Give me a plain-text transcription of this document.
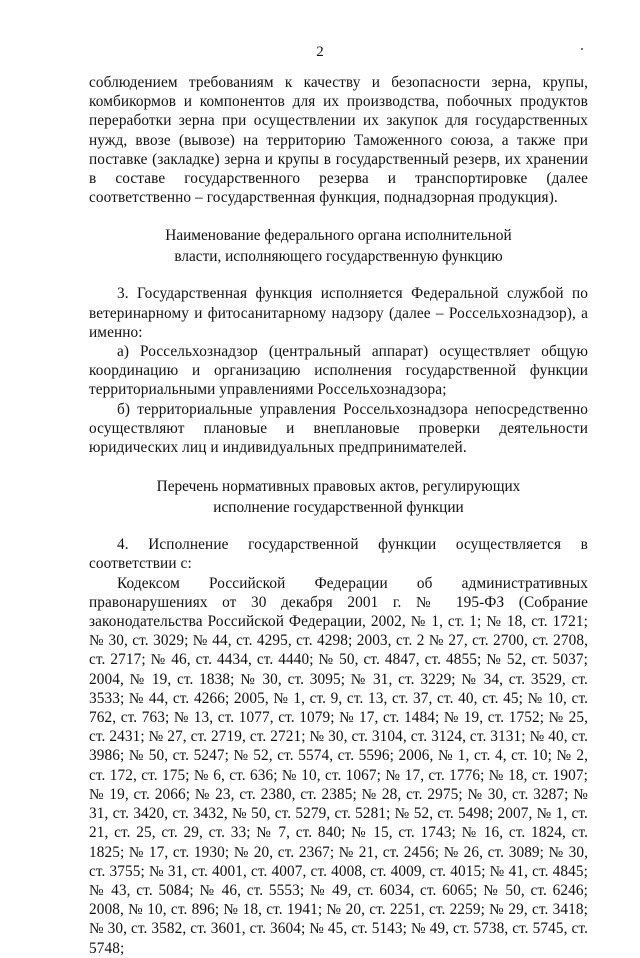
2

соблюдением требованиям к качеству и безопасности зерна, крупы, комбикормов и компонентов для их производства, побочных продуктов переработки зерна при осуществлении их закупок для государственных нужд, ввозе (вывозе) на территорию Таможенного союза, а также при поставке (закладке) зерна и крупы в государственный резерв, их хранении в составе государственного резерва и транспортировке (далее соответственно – государственная функция, поднадзорная продукция).

Наименование федерального органа исполнительной
власти, исполняющего государственную функцию

3. Государственная функция исполняется Федеральной службой по ветеринарному и фитосанитарному надзору (далее – Россельхознадзор), а именно:

а) Россельхознадзор (центральный аппарат) осуществляет общую координацию и организацию исполнения государственной функции территориальными управлениями Россельхознадзора;

б) территориальные управления Россельхознадзора непосредственно осуществляют плановые и внеплановые проверки деятельности юридических лиц и индивидуальных предпринимателей.

Перечень нормативных правовых актов, регулирующих
исполнение государственной функции

4. Исполнение государственной функции осуществляется в соответствии с:

Кодексом Российской Федерации об административных правонарушениях от 30 декабря 2001 г. № 195-ФЗ (Собрание законодательства Российской Федерации, 2002, № 1, ст. 1; № 18, ст. 1721; № 30, ст. 3029; № 44, ст. 4295, ст. 4298; 2003, ст. 2 № 27, ст. 2700, ст. 2708, ст. 2717; № 46, ст. 4434, ст. 4440; № 50, ст. 4847, ст. 4855; № 52, ст. 5037; 2004, № 19, ст. 1838; № 30, ст. 3095; № 31, ст. 3229; № 34, ст. 3529, ст. 3533; № 44, ст. 4266; 2005, № 1, ст. 9, ст. 13, ст. 37, ст. 40, ст. 45; № 10, ст. 762, ст. 763; № 13, ст. 1077, ст. 1079; № 17, ст. 1484; № 19, ст. 1752; № 25, ст. 2431; № 27, ст. 2719, ст. 2721; № 30, ст. 3104, ст. 3124, ст. 3131; № 40, ст. 3986; № 50, ст. 5247; № 52, ст. 5574, ст. 5596; 2006, № 1, ст. 4, ст. 10; № 2, ст. 172, ст. 175; № 6, ст. 636; № 10, ст. 1067; № 17, ст. 1776; № 18, ст. 1907; № 19, ст. 2066; № 23, ст. 2380, ст. 2385; № 28, ст. 2975; № 30, ст. 3287; № 31, ст. 3420, ст. 3432, № 50, ст. 5279, ст. 5281; № 52, ст. 5498; 2007, № 1, ст. 21, ст. 25, ст. 29, ст. 33; № 7, ст. 840; № 15, ст. 1743; № 16, ст. 1824, ст. 1825; № 17, ст. 1930; № 20, ст. 2367; № 21, ст. 2456; № 26, ст. 3089; № 30, ст. 3755; № 31, ст. 4001, ст. 4007, ст. 4008, ст. 4009, ст. 4015; № 41, ст. 4845; № 43, ст. 5084; № 46, ст. 5553; № 49, ст. 6034, ст. 6065; № 50, ст. 6246; 2008, № 10, ст. 896; № 18, ст. 1941; № 20, ст. 2251, ст. 2259; № 29, ст. 3418; № 30, ст. 3582, ст. 3601, ст. 3604; № 45, ст. 5143; № 49, ст. 5738, ст. 5745, ст. 5748;
